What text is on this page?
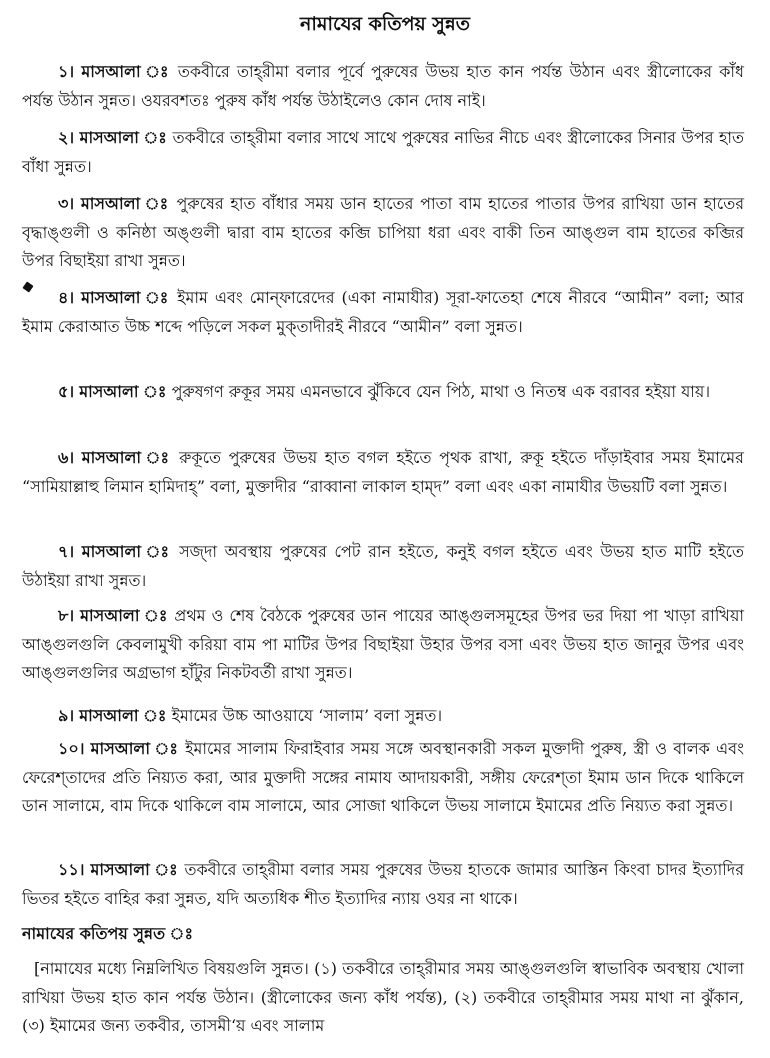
নামাযের কতিপয় সুন্নত
১। মাসআলা ঃ তকবীরে তাহ্‌রীমা বলার পূর্বে পুরুষের উভয় হাত কান পর্যন্ত উঠান এবং স্ত্রীলোকের কাঁধ পর্যন্ত উঠান সুন্নত। ওযরবশতঃ পুরুষ কাঁধ পর্যন্ত উঠাইলেও কোন দোষ নাই।
২। মাসআলা ঃ তকবীরে তাহ্‌রীমা বলার সাথে সাথে পুরুষের নাভির নীচে এবং স্ত্রীলোকের সিনার উপর হাত বাঁধা সুন্নত।
৩। মাসআলা ঃ পুরুষের হাত বাঁধার সময় ডান হাতের পাতা বাম হাতের পাতার উপর রাখিয়া ডান হাতের বৃদ্ধাঙ্গুলী ও কনিষ্ঠা অঙ্গুলী দ্বারা বাম হাতের কব্জি চাপিয়া ধরা এবং বাকী তিন আঙ্গুল বাম হাতের কব্জির উপর বিছাইয়া রাখা সুন্নত।
৪। মাসআলা ঃ ইমাম এবং মোন্‌ফারেদের (একা নামাযীর) সূরা-ফাতেহা শেষে নীরবে “আমীন” বলা; আর ইমাম কেরাআত উচ্চ শব্দে পড়িলে সকল মুক্‌তাদীরই নীরবে “আমীন” বলা সুন্নত।
৫। মাসআলা ঃ পুরুষগণ রুকূর সময় এমনভাবে ঝুঁকিবে যেন পিঠ, মাথা ও নিতম্ব এক বরাবর হইয়া যায়।
৬। মাসআলা ঃ রুকূতে পুরুষের উভয় হাত বগল হইতে পৃথক রাখা, রুকূ হইতে দাঁড়াইবার সময় ইমামের “সামিয়াল্লাহু লিমান হামিদাহ্‌” বলা, মুক্তাদীর “রাব্বানা লাকাল হাম্‌দ” বলা এবং একা নামাযীর উভয়টি বলা সুন্নত।
৭। মাসআলা ঃ সজ্‌দা অবস্থায় পুরুষের পেট রান হইতে, কনুই বগল হইতে এবং উভয় হাত মাটি হইতে উঠাইয়া রাখা সুন্নত।
৮। মাসআলা ঃ প্রথম ও শেষ বৈঠকে পুরুষের ডান পায়ের আঙ্গুলসমূহের উপর ভর দিয়া পা খাড়া রাখিয়া আঙ্গুলগুলি কেবলামুখী করিয়া বাম পা মাটির উপর বিছাইয়া উহার উপর বসা এবং উভয় হাত জানুর উপর এবং আঙ্গুলগুলির অগ্রভাগ হাঁটুর নিকটবর্তী রাখা সুন্নত।
৯। মাসআলা ঃ ইমামের উচ্চ আওয়াযে ‘সালাম’ বলা সুন্নত।
১০। মাসআলা ঃ ইমামের সালাম ফিরাইবার সময় সঙ্গে অবস্থানকারী সকল মুক্তাদী পুরুষ, স্ত্রী ও বালক এবং ফেরেশ্‌তাদের প্রতি নিয়্যত করা, আর মুক্তাদী সঙ্গের নামায আদায়কারী, সঙ্গীয় ফেরেশ্‌তা ইমাম ডান দিকে থাকিলে ডান সালামে, বাম দিকে থাকিলে বাম সালামে, আর সোজা থাকিলে উভয় সালামে ইমামের প্রতি নিয়্যত করা সুন্নত।
১১। মাসআলা ঃ তকবীরে তাহ্‌রীমা বলার সময় পুরুষের উভয় হাতকে জামার আস্তিন কিংবা চাদর ইত্যাদির ভিতর হইতে বাহির করা সুন্নত, যদি অত্যধিক শীত ইত্যাদির ন্যায় ওযর না থাকে।
নামাযের কতিপয় সুন্নত ঃ
[নামাযের মধ্যে নিম্নলিখিত বিষয়গুলি সুন্নত। (১) তকবীরে তাহ্‌রীমার সময় আঙ্গুলগুলি স্বাভাবিক অবস্থায় খোলা রাখিয়া উভয় হাত কান পর্যন্ত উঠান। (স্ত্রীলোকের জন্য কাঁধ পর্যন্ত), (২) তকবীরে তাহ্‌রীমার সময় মাথা না ঝুঁকান, (৩) ইমামের জন্য তকবীর, তাসমী‘য় এবং সালাম
